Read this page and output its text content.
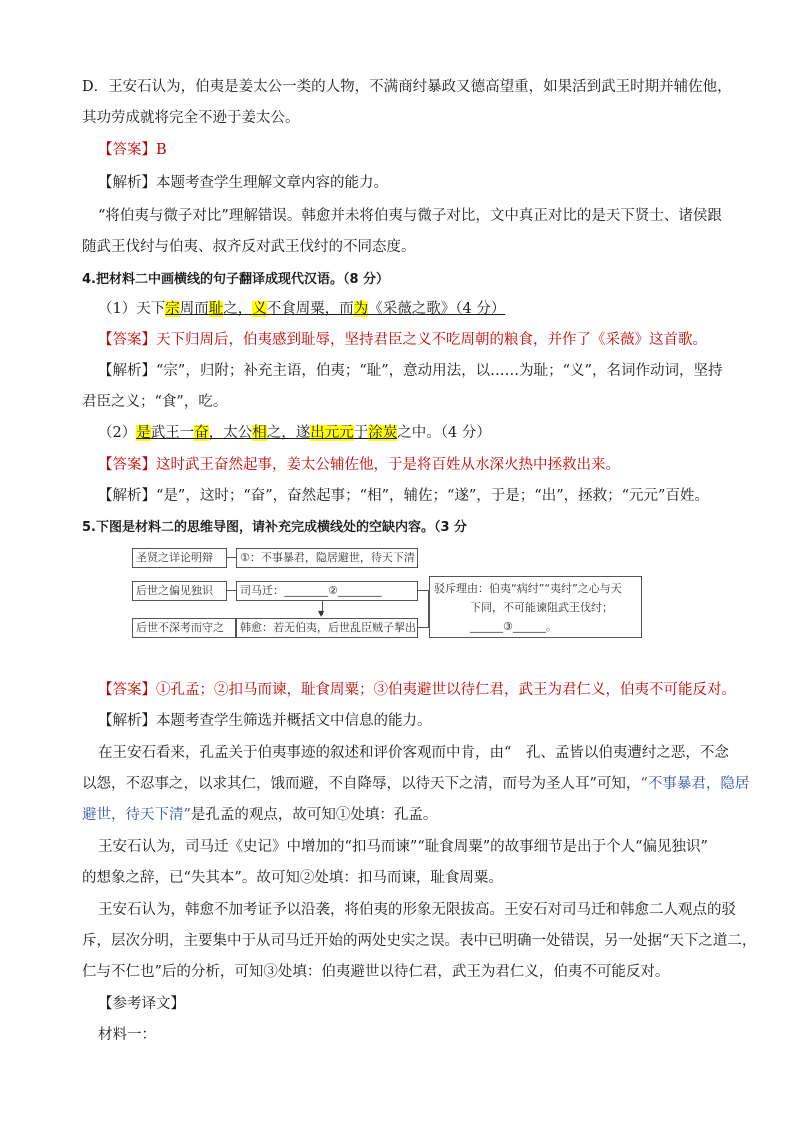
D．王安石认为，伯夷是姜太公一类的人物，不满商纣暴政又德高望重，如果活到武王时期并辅佐他，
其功劳成就将完全不逊于姜太公。
【答案】B
【解析】本题考查学生理解文章内容的能力。
“将伯夷与微子对比”理解错误。韩愈并未将伯夷与微子对比，文中真正对比的是天下贤士、诸侯跟
随武王伐纣与伯夷、叔齐反对武王伐纣的不同态度。
4.把材料二中画横线的句子翻译成现代汉语。（8 分）
（1）天下宗周而耻之，义不食周粟，而为《采薇之歌》（4 分）
【答案】天下归周后，伯夷感到耻辱，坚持君臣之义不吃周朝的粮食，并作了《采薇》这首歌。
【解析】“宗”，归附；补充主语，伯夷；“耻”，意动用法，以……为耻；“义”，名词作动词，坚持
君臣之义；“食”，吃。
（2）是武王一奋，太公相之，遂出元元于涂炭之中。（4 分）
【答案】这时武王奋然起事，姜太公辅佐他，于是将百姓从水深火热中拯救出来。
【解析】“是”，这时；“奋”，奋然起事；“相”，辅佐；“遂”，于是；“出”，拯救；“元元”百姓。
5.下图是材料二的思维导图，请补充完成横线处的空缺内容。（3 分
圣贤之详论明辩	①：不事暴君，隐居避世，待天下清
后世之偏见独识	司马迁：________②________
▼
后世不深考而守之	韩愈：若无伯夷，后世乱臣贼子挈出
驳斥理由：伯夷“病纣”“夷纣”之心与天
下同，不可能谏阻武王伐纣；
______③______。
【答案】①孔孟；②扣马而谏，耻食周粟；③伯夷避世以待仁君，武王为君仁义，伯夷不可能反对。
【解析】本题考查学生筛选并概括文中信息的能力。
在王安石看来，孔孟关于伯夷事迹的叙述和评价客观而中肯，由“　孔、孟皆以伯夷遭纣之恶，不念
以怨，不忍事之，以求其仁，饿而避，不自降辱，以待天下之清，而号为圣人耳”可知，“不事暴君，隐居
避世，待天下清”是孔孟的观点，故可知①处填：孔孟。
王安石认为，司马迁《史记》中增加的“扣马而谏”“耻食周粟”的故事细节是出于个人“偏见独识”
的想象之辞，已“失其本”。故可知②处填：扣马而谏，耻食周粟。
王安石认为，韩愈不加考证予以沿袭，将伯夷的形象无限拔高。王安石对司马迁和韩愈二人观点的驳
斥，层次分明，主要集中于从司马迁开始的两处史实之误。表中已明确一处错误，另一处据“天下之道二，
仁与不仁也”后的分析，可知③处填：伯夷避世以待仁君，武王为君仁义，伯夷不可能反对。
【参考译文】
材料一：
